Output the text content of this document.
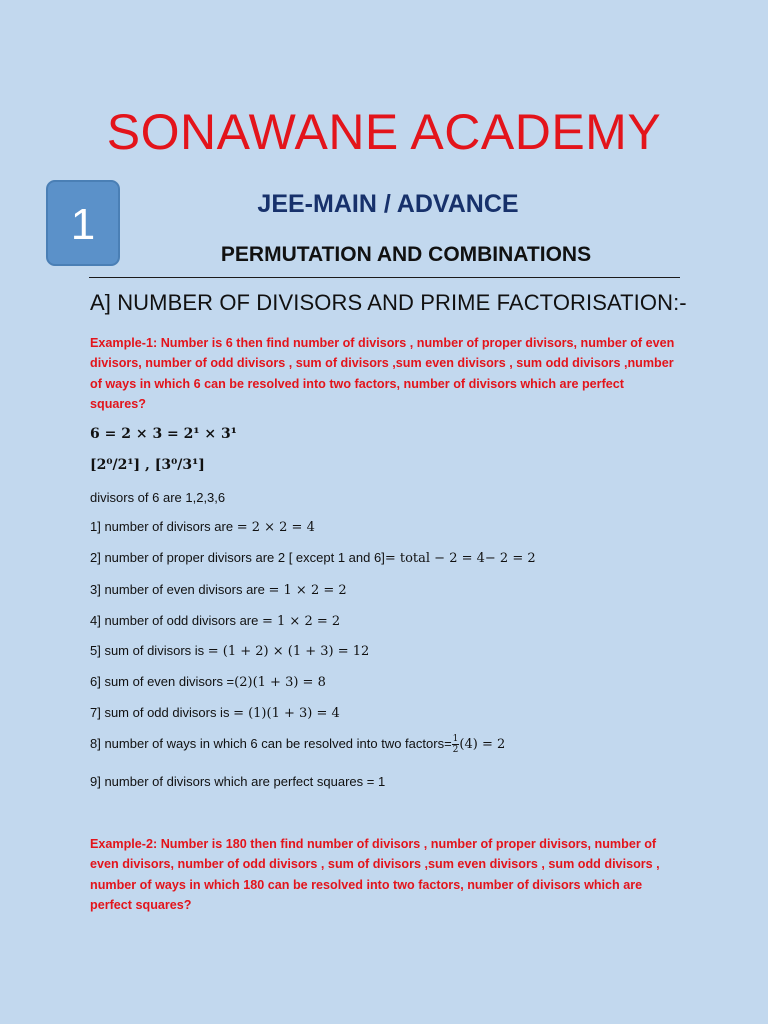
SONAWANE ACADEMY
1	JEE-MAIN / ADVANCE
PERMUTATION AND COMBINATIONS
A] NUMBER OF DIVISORS AND PRIME FACTORISATION:-
Example-1: Number is 6 then find number of divisors , number of proper divisors, number of even divisors, number of odd divisors , sum of divisors ,sum even divisors , sum odd divisors ,number of ways in which 6 can be resolved into two factors, number of divisors which are perfect squares?
6 = 2 × 3 = 2¹ × 3¹
[2⁰/2¹] , [3⁰/3¹]
divisors of 6 are 1,2,3,6
1] number of divisors are = 2 × 2 = 4
2] number of proper divisors are 2 [ except 1 and 6]= total − 2 = 4− 2 = 2
3] number of even divisors are = 1 × 2 = 2
4] number of odd divisors are = 1 × 2 = 2
5] sum of divisors is = (1 + 2) × (1 + 3) = 12
6] sum of even divisors =(2)(1 + 3) = 8
7] sum of odd divisors is = (1)(1 + 3) = 4
8] number of ways in which 6 can be resolved into two factors= $\frac{1}{2} (4) = 2$
9] number of divisors which are perfect squares = 1
Example-2: Number is 180 then find number of divisors , number of proper divisors, number of even divisors, number of odd divisors , sum of divisors ,sum even divisors , sum odd divisors , number of ways in which 180 can be resolved into two factors, number of divisors which are perfect squares?
